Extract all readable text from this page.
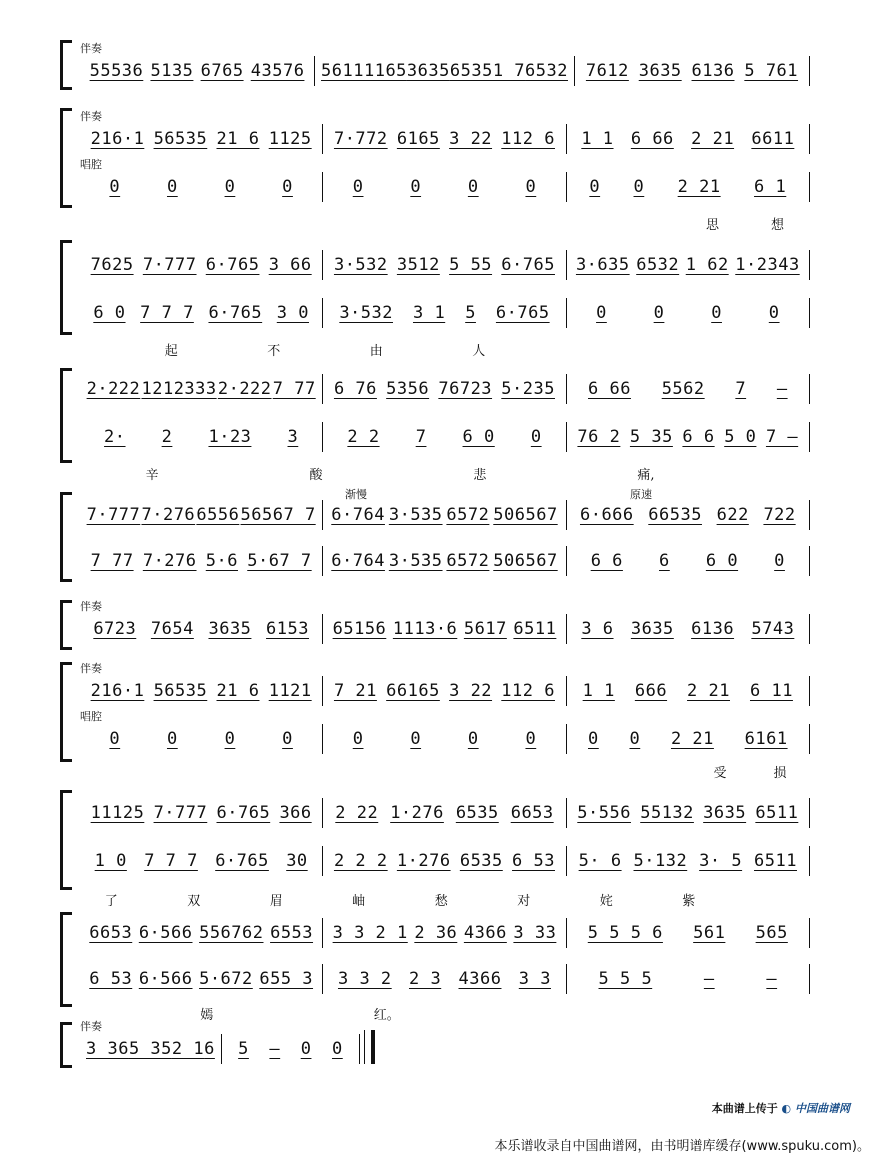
伴奏
55536 5135 6765 43576 56111165 3635 65351 7 6532 7612 3635 6136 5 761
伴奏
216·1 56535 21 6 1125 7·772 6165 3 22 112 6 1 1 6 66 2 21 6611
唱腔
0	0	0	0	0	0	0	0	0 0 2 21 6 1
思	想
7625 7·777 6·765 3 66 3·532 3512 5 55 6·765 3·635 6532 1 62 1·2343
6 0 7 7 7 6·765 3 0 3·532 3 1 5 6·765	0	0	0	0
起	不	由	人
2·222 1212333 2·222 7 77 6 76 5356 76723 5·235 6 66 5562 7 —
2· 2 1·23 3	2 2 7 6 0 0 76 2 5 35 6 6 5 0 7 —
辛	酸	悲	痛,
渐慢	原速
7·777 7·276 6556 56567 7 6·764 3·535 6572 506567 6·666 66535 622 722
7 77 7·276 5·6 5·67 7 6·764 3·535 6572 506567 6 6 6 6 0 0
伴奏
6723 7654 3635 6153 65156 1113·6 5617 6511 3 6 3635 6136 5743
伴奏
216·1 56535 21 6 1121 7 21 66165 3 22 112 6 1 1 666 2 21 6 11
唱腔
0	0	0	0	0	0	0	0	0 0 2 21 6161
受	损
11125 7·777 6·765 366 2 22 1·276 6535 6653 5·556 55132 3635 6511
1 0 7 7 7 6·765 30 2 2 2 1·276 6535 6 53 5· 6 5·132 3· 5 6511
了	双	眉	岫	愁	对	姹	紫
6653 6·566 556762 6553 3 3 2 1 2 36 4366 3 33 5 5 5 6 561 565
6 53 6·566 5·672 655 3 3 3 2 2 3 4366 3 3	5 5 5	—	—
嫣	红。
伴奏
3 36 5 35 2 1 6 5 — 0 0
本曲谱上传于 ◐ 中国曲谱网
本乐谱收录自中国曲谱网，由书明谱库缓存(www.spuku.com)。
